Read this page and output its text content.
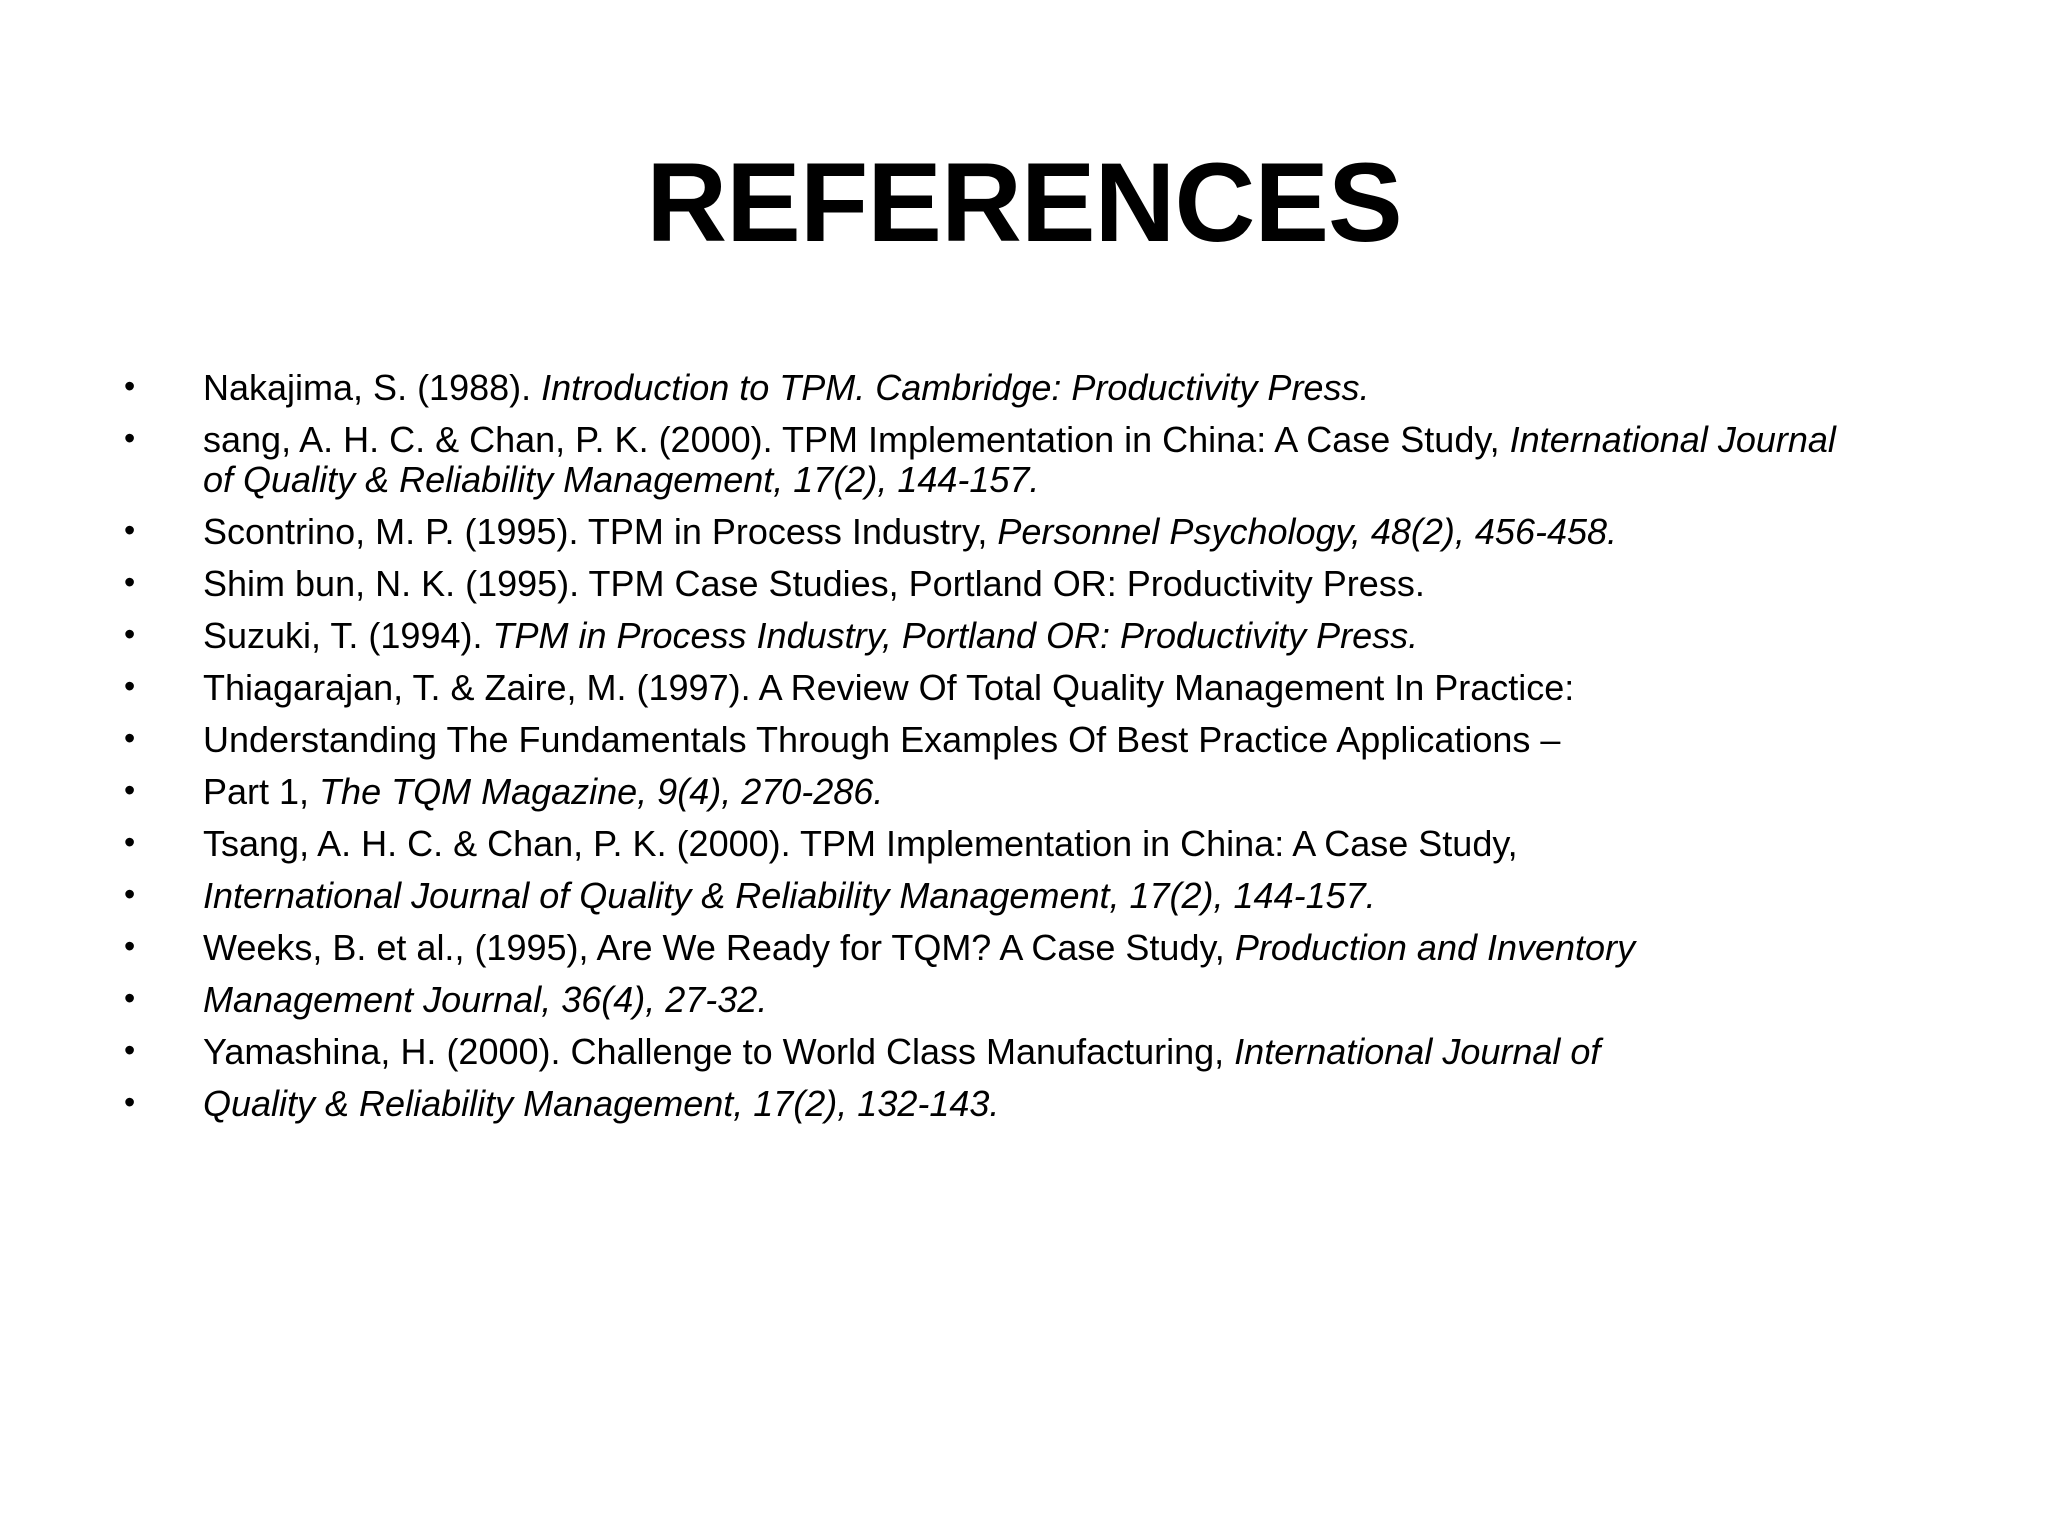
REFERENCES
• Nakajima, S. (1988). Introduction to TPM. Cambridge: Productivity Press.
• sang, A. H. C. & Chan, P. K. (2000). TPM Implementation in China: A Case Study, International Journal of Quality & Reliability Management, 17(2), 144-157.
• Scontrino, M. P. (1995). TPM in Process Industry, Personnel Psychology, 48(2), 456-458.
• Shim bun, N. K. (1995). TPM Case Studies, Portland OR: Productivity Press.
• Suzuki, T. (1994). TPM in Process Industry, Portland OR: Productivity Press.
• Thiagarajan, T. & Zaire, M. (1997). A Review Of Total Quality Management In Practice:
• Understanding The Fundamentals Through Examples Of Best Practice Applications –
• Part 1, The TQM Magazine, 9(4), 270-286.
• Tsang, A. H. C. & Chan, P. K. (2000). TPM Implementation in China: A Case Study,
• International Journal of Quality & Reliability Management, 17(2), 144-157.
• Weeks, B. et al., (1995), Are We Ready for TQM? A Case Study, Production and Inventory
• Management Journal, 36(4), 27-32.
• Yamashina, H. (2000). Challenge to World Class Manufacturing, International Journal of
• Quality & Reliability Management, 17(2), 132-143.
